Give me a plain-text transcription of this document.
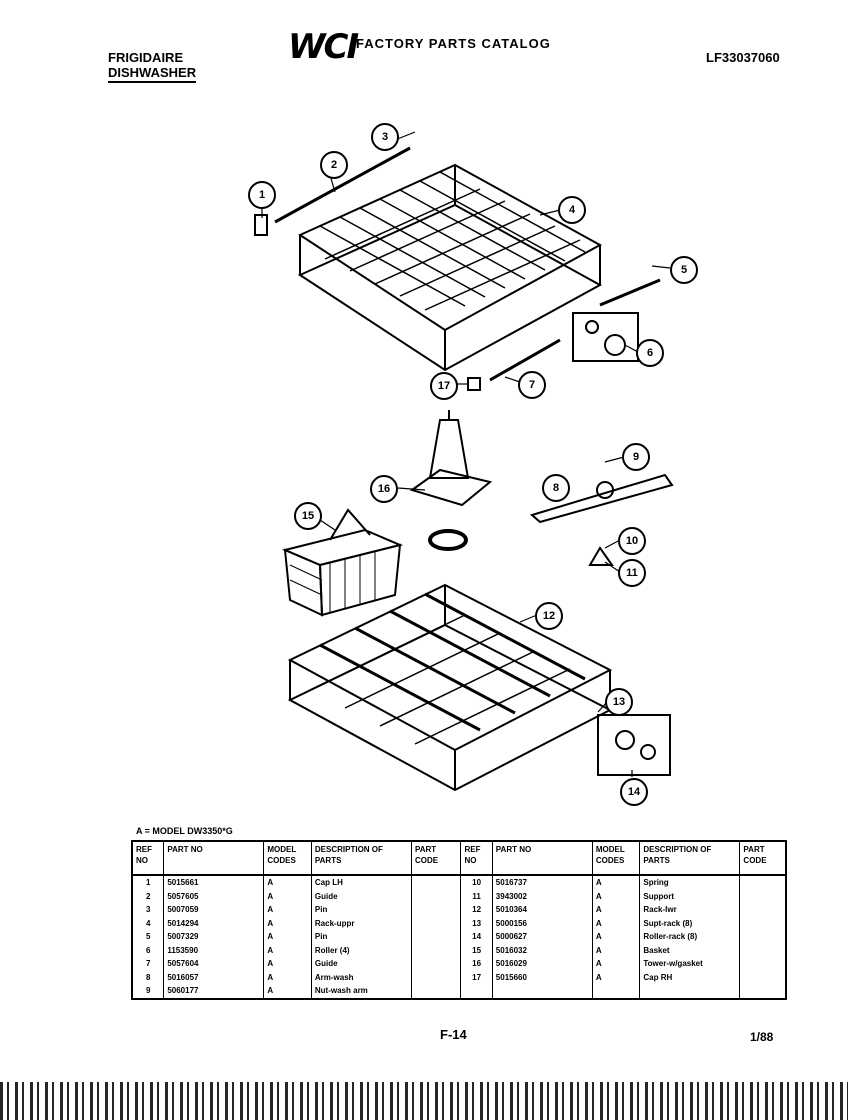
FRIGIDAIRE
DISHWASHER
WCI
FACTORY PARTS CATALOG
LF33037060
1
2
3
4
5
6
7
8
9
10
11
12
13
14
15
16
17
A = MODEL DW3350*G
REF NO	PART NO	MODEL CODES	DESCRIPTION OF PARTS	PART CODE	REF NO	PART NO	MODEL CODES	DESCRIPTION OF PARTS	PART CODE
1	5015661	A	Cap LH		10	5016737	A	Spring	
2	5057605	A	Guide		11	3943002	A	Support	
3	5007059	A	Pin		12	5010364	A	Rack-lwr	
4	5014294	A	Rack-uppr		13	5000156	A	Supt-rack (8)	
5	5007329	A	Pin		14	5000627	A	Roller-rack (8)	
6	1153590	A	Roller (4)		15	5016032	A	Basket	
7	5057604	A	Guide		16	5016029	A	Tower-w/gasket	
8	5016057	A	Arm-wash		17	5015660	A	Cap RH	
9	5060177	A	Nut-wash arm						
F-14	1/88
